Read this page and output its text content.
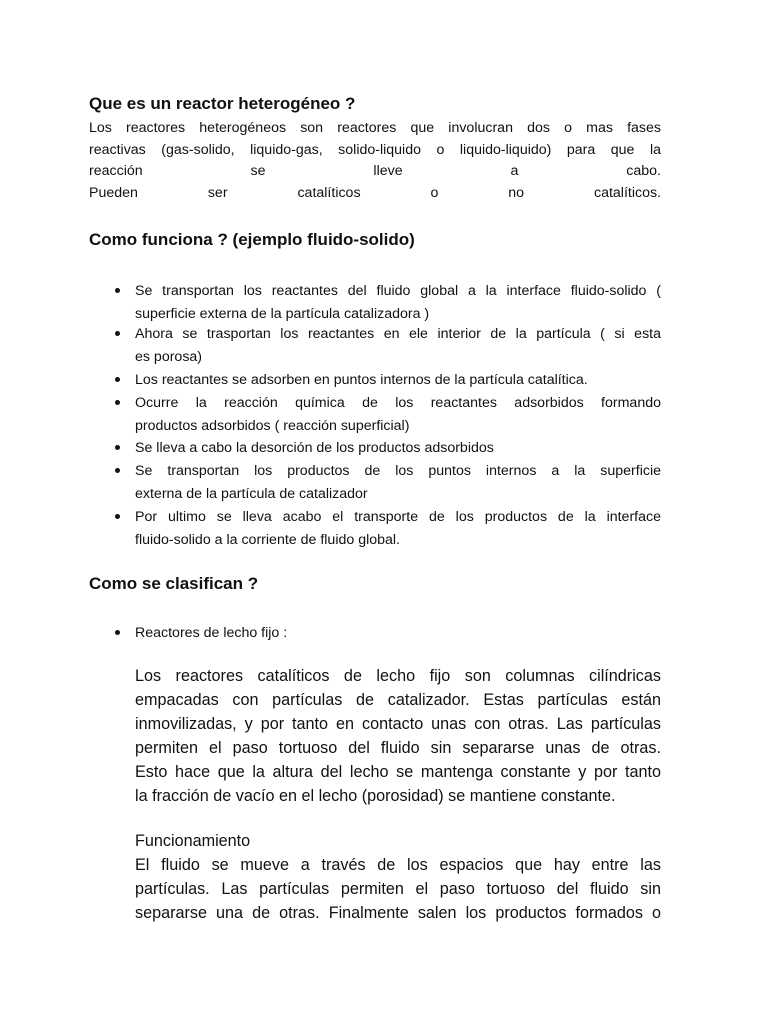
Que es un reactor heterogéneo ?
Los reactores heterogéneos son reactores que involucran dos o mas fases
reactivas (gas-solido, liquido-gas, solido-liquido o liquido-liquido) para que la
reacción se lleve a cabo.
Pueden ser catalíticos o no catalíticos.
Como funciona ? (ejemplo fluido-solido)
Se transportan los reactantes del fluido global a la interface fluido-solido (
superficie externa de la partícula catalizadora )
Ahora se trasportan los reactantes en ele interior de la partícula ( si esta
es porosa)
Los reactantes se adsorben en puntos internos de la partícula catalítica.
Ocurre la reacción química de los reactantes adsorbidos formando
productos adsorbidos ( reacción superficial)
Se lleva a cabo la desorción de los productos adsorbidos
Se transportan los productos de los puntos internos a la superficie
externa de la partícula de catalizador
Por ultimo se lleva acabo el transporte de los productos de la interface
fluido-solido a la corriente de fluido global.
Como se clasifican ?
Reactores de lecho fijo :
Los reactores catalíticos de lecho fijo son columnas cilíndricas
empacadas con partículas de catalizador. Estas partículas están
inmovilizadas, y por tanto en contacto unas con otras. Las partículas
permiten el paso tortuoso del fluido sin separarse unas de otras.
Esto hace que la altura del lecho se mantenga constante y por tanto
la fracción de vacío en el lecho (porosidad) se mantiene constante.
Funcionamiento
El fluido se mueve a través de los espacios que hay entre las
partículas. Las partículas permiten el paso tortuoso del fluido sin
separarse una de otras. Finalmente salen los productos formados o
